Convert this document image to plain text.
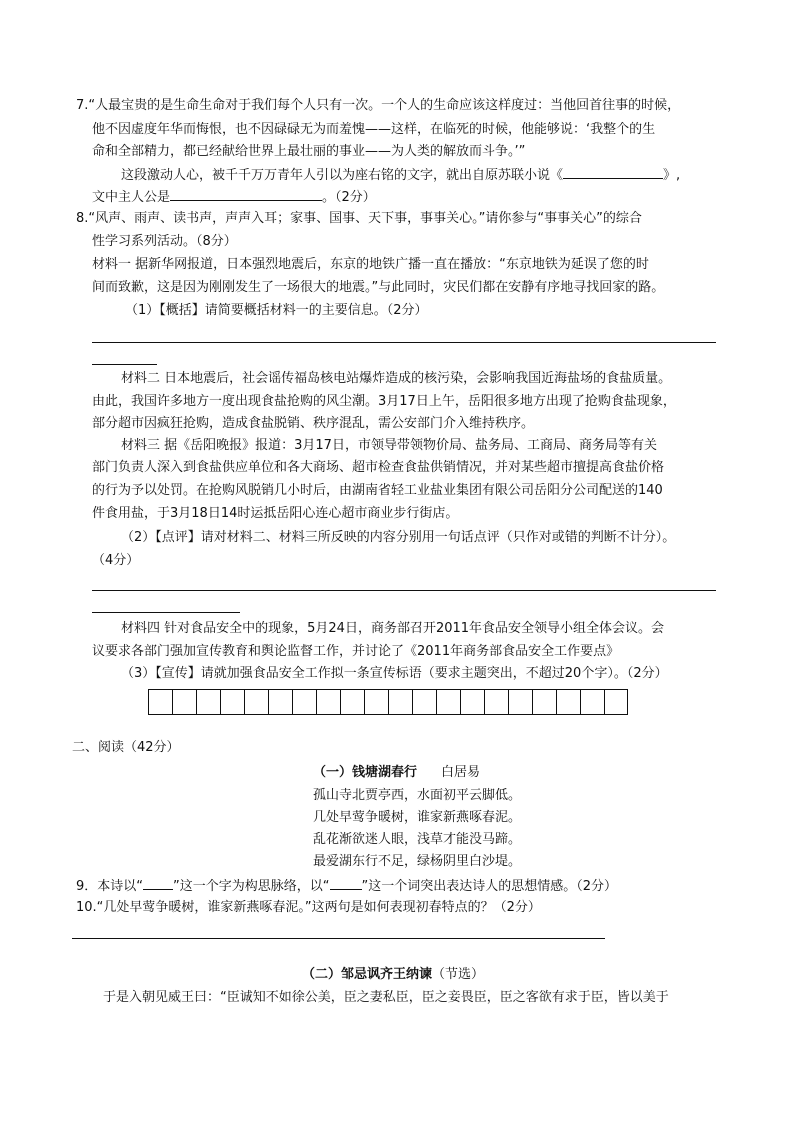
7.“人最宝贵的是生命生命对于我们每个人只有一次。一个人的生命应该这样度过：当他回首往事的时候，
他不因虚度年华而悔恨，也不因碌碌无为而羞愧——这样，在临死的时候，他能够说：‘我整个的生
命和全部精力，都已经献给世界上最壮丽的事业——为人类的解放而斗争。’”
这段激动人心，被千千万万青年人引以为座右铭的文字，就出自原苏联小说《	》,
文中主人公是	。（2分）
8.“风声、雨声、读书声，声声入耳；家事、国事、天下事，事事关心。”请你参与“事事关心”的综合
性学习系列活动。（8分）
材料一 据新华网报道，日本强烈地震后，东京的地铁广播一直在播放：“东京地铁为延误了您的时
间而致歉，这是因为刚刚发生了一场很大的地震。”与此同时，灾民们都在安静有序地寻找回家的路。
（1）【概括】请简要概括材料一的主要信息。（2分）
材料二 日本地震后，社会谣传福岛核电站爆炸造成的核污染，会影响我国近海盐场的食盐质量。
由此，我国许多地方一度出现食盐抢购的风尘潮。3月17日上午，岳阳很多地方出现了抢购食盐现象，
部分超市因疯狂抢购，造成食盐脱销、秩序混乱，需公安部门介入维持秩序。
材料三 据《岳阳晚报》报道：3月17日，市领导带领物价局、盐务局、工商局、商务局等有关
部门负责人深入到食盐供应单位和各大商场、超市检查食盐供销情况，并对某些超市擅提高食盐价格
的行为予以处罚。在抢购风脱销几小时后，由湖南省轻工业盐业集团有限公司岳阳分公司配送的140
件食用盐，于3月18日14时运抵岳阳心连心超市商业步行街店。
（2）【点评】请对材料二、材料三所反映的内容分别用一句话点评（只作对或错的判断不计分）。
（4分）
材料四 针对食品安全中的现象，5月24日，商务部召开2011年食品安全领导小组全体会议。会
议要求各部门强加宣传教育和舆论监督工作，并讨论了《2011年商务部食品安全工作要点》
（3）【宣传】请就加强食品安全工作拟一条宣传标语（要求主题突出，不超过20个字）。（2分）
二、阅读（42分）
（一）钱塘湖春行 白居易
孤山寺北贾亭西，水面初平云脚低。
几处早莺争暖树，谁家新燕啄春泥。
乱花渐欲迷人眼，浅草才能没马蹄。
最爱湖东行不足，绿杨阴里白沙堤。
9．本诗以“ ”这一个字为构思脉络，以“ ”这一个词突出表达诗人的思想情感。（2分）
10.“几处早莺争暖树，谁家新燕啄春泥。”这两句是如何表现初春特点的？（2分）
（二）邹忌讽齐王纳谏（节选）
于是入朝见威王曰：“臣诚知不如徐公美，臣之妻私臣，臣之妾畏臣，臣之客欲有求于臣，皆以美于
